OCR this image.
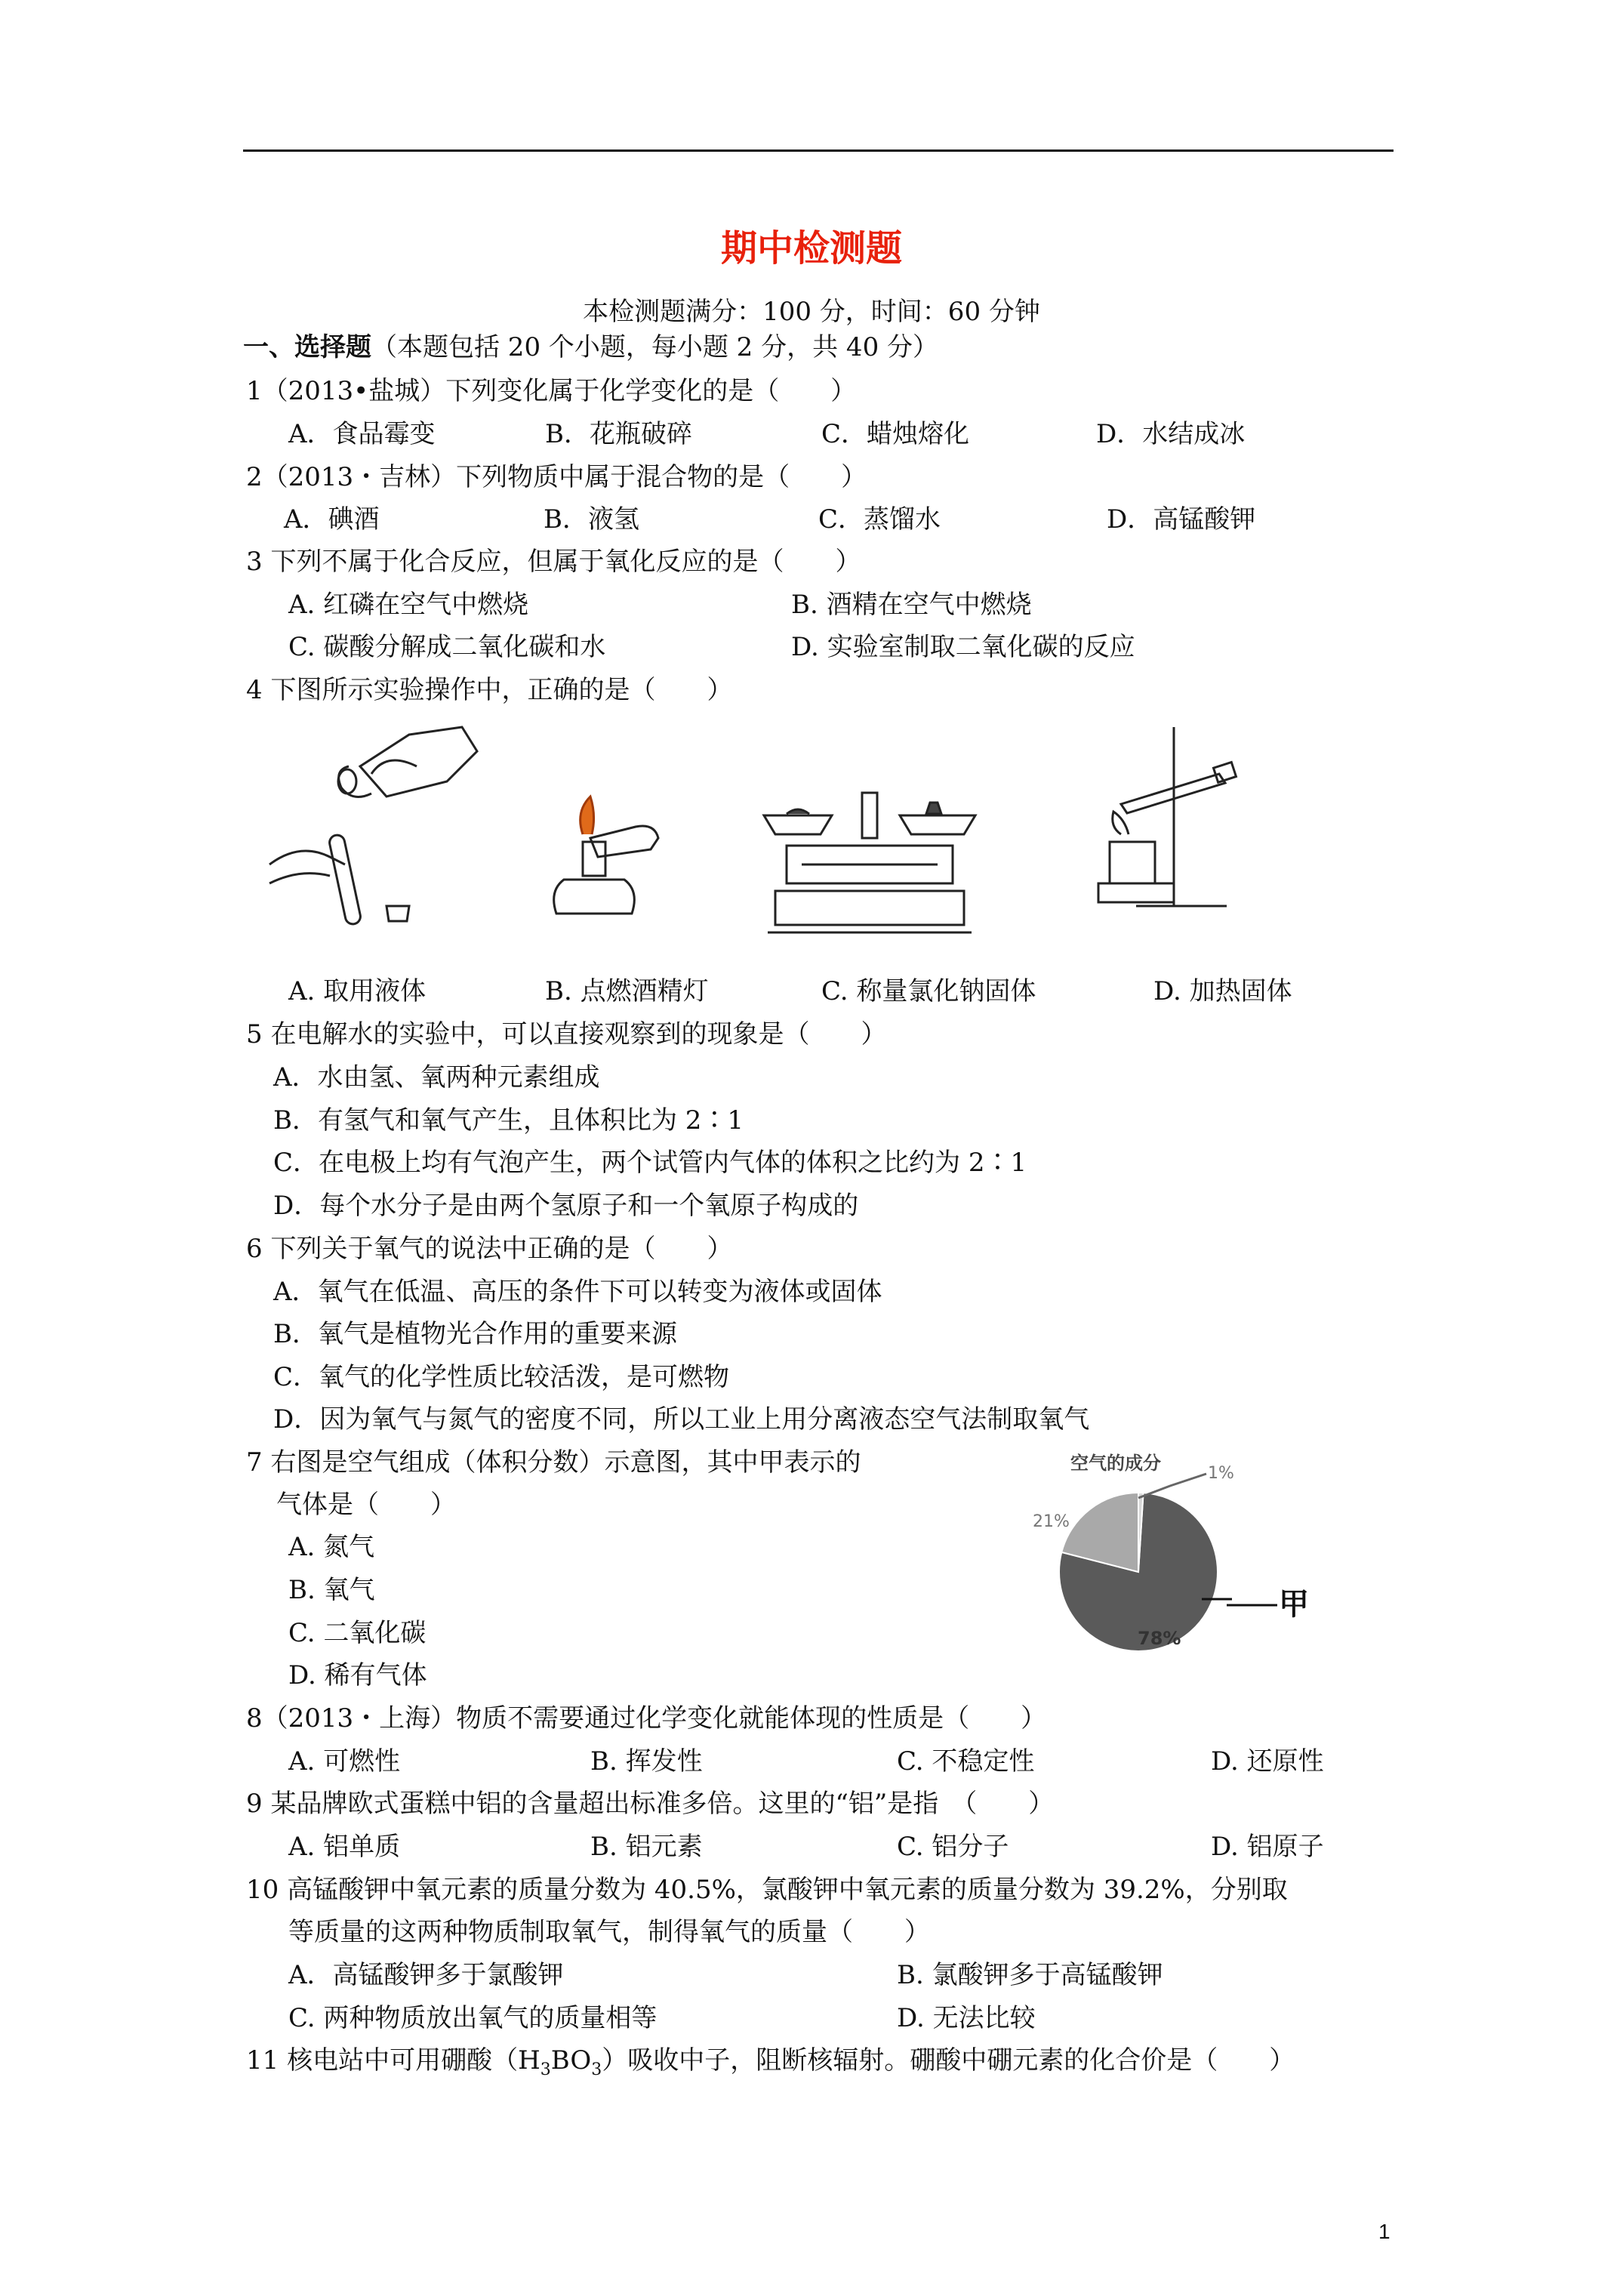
期中检测题
本检测题满分：100 分，时间：60 分钟
一、选择题（本题包括 20 个小题，每小题 2 分，共 40 分）
1（2013•盐城）下列变化属于化学变化的是（　　）
A．食品霉变	B．花瓶破碎	C．蜡烛熔化	D．水结成冰
2（2013・吉林）下列物质中属于混合物的是（　　）
A．碘酒	B．液氢	C．蒸馏水	D．高锰酸钾
3 下列不属于化合反应，但属于氧化反应的是（　　）
A. 红磷在空气中燃烧	B. 酒精在空气中燃烧
C. 碳酸分解成二氧化碳和水	D. 实验室制取二氧化碳的反应
4 下图所示实验操作中，正确的是（　　）
A. 取用液体	B. 点燃酒精灯	C. 称量氯化钠固体	D. 加热固体
5 在电解水的实验中，可以直接观察到的现象是（　　）
A．水由氢、氧两种元素组成
B．有氢气和氧气产生，且体积比为 2∶1
C．在电极上均有气泡产生，两个试管内气体的体积之比约为 2∶1
D．每个水分子是由两个氢原子和一个氧原子构成的
6 下列关于氧气的说法中正确的是（　　）
A．氧气在低温、高压的条件下可以转变为液体或固体
B．氧气是植物光合作用的重要来源
C．氧气的化学性质比较活泼，是可燃物
D．因为氧气与氮气的密度不同，所以工业上用分离液态空气法制取氧气
7 右图是空气组成（体积分数）示意图，其中甲表示的
气体是（　　）
A. 氮气
B. 氧气
C. 二氧化碳
D. 稀有气体
空气的成分
78%
21%
1%
甲
8（2013・上海）物质不需要通过化学变化就能体现的性质是（　　）
A. 可燃性	B. 挥发性	C. 不稳定性	D. 还原性
9 某品牌欧式蛋糕中铝的含量超出标准多倍。这里的“铝”是指　（　　）
A. 铝单质	B. 铝元素	C. 铝分子	D. 铝原子
10 高锰酸钾中氧元素的质量分数为 40.5%，氯酸钾中氧元素的质量分数为 39.2%，分别取
等质量的这两种物质制取氧气，制得氧气的质量（　　）
A．高锰酸钾多于氯酸钾	B. 氯酸钾多于高锰酸钾
C. 两种物质放出氧气的质量相等	D. 无法比较
11 核电站中可用硼酸$(H_3BO_3)$吸收中子，阻断核辐射。硼酸中硼元素的化合价是（　　）
1
